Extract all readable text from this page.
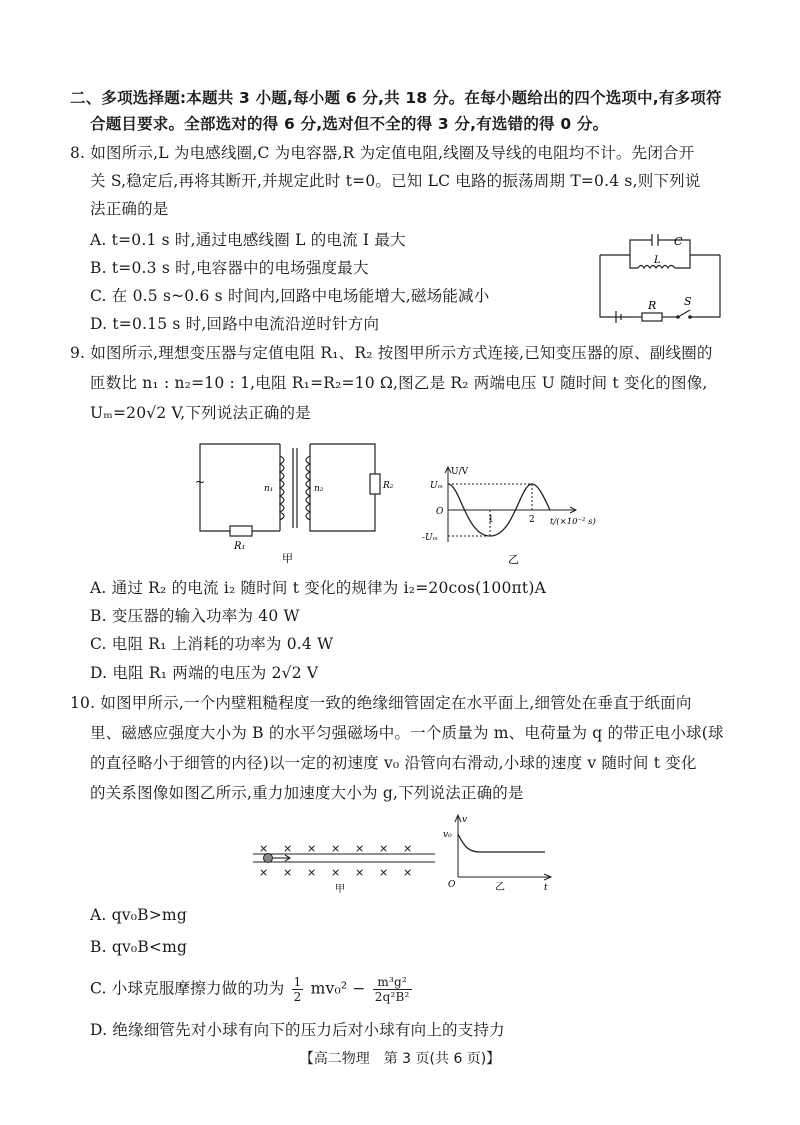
二、多项选择题:本题共 3 小题,每小题 6 分,共 18 分。在每小题给出的四个选项中,有多项符
合题目要求。全部选对的得 6 分,选对但不全的得 3 分,有选错的得 0 分。
8. 如图所示,L 为电感线圈,C 为电容器,R 为定值电阻,线圈及导线的电阻均不计。先闭合开
关 S,稳定后,再将其断开,并规定此时 t=0。已知 LC 电路的振荡周期 T=0.4 s,则下列说
法正确的是
A. t=0.1 s 时,通过电感线圈 L 的电流 I 最大
B. t=0.3 s 时,电容器中的电场强度最大
C. 在 0.5 s~0.6 s 时间内,回路中电场能增大,磁场能减小
D. t=0.15 s 时,回路中电流沿逆时针方向
C
L
R	S
9. 如图所示,理想变压器与定值电阻 R₁、R₂ 按图甲所示方式连接,已知变压器的原、副线圈的
匝数比 n₁ : n₂=10 : 1,电阻 R₁=R₂=10 Ω,图乙是 R₂ 两端电压 U 随时间 t 变化的图像,
Uₘ=20√2 V,下列说法正确的是
~	n₁	n₂
R₁
R₂
甲
U/V
Uₘ
O
-Uₘ
1	2 t/(×10⁻² s)
乙
A. 通过 R₂ 的电流 i₂ 随时间 t 变化的规律为 i₂=20cos(100πt)A
B. 变压器的输入功率为 40 W
C. 电阻 R₁ 上消耗的功率为 0.4 W
D. 电阻 R₁ 两端的电压为 2√2 V
10. 如图甲所示,一个内壁粗糙程度一致的绝缘细管固定在水平面上,细管处在垂直于纸面向
里、磁感应强度大小为 B 的水平匀强磁场中。一个质量为 m、电荷量为 q 的带正电小球(球
的直径略小于细管的内径)以一定的初速度 v₀ 沿管向右滑动,小球的速度 v 随时间 t 变化
的关系图像如图乙所示,重力加速度大小为 g,下列说法正确的是
× × × × × × ×
× × × × × × ×
甲
v
v₀
O	t
乙
A. qv₀B>mg
B. qv₀B<mg
C. 小球克服摩擦力做的功为 $\frac{1}{2} mv_0^2 - \frac{\text{m³g²}}{\text{2q²B²}}$
D. 绝缘细管先对小球有向下的压力后对小球有向上的支持力
【高二物理　第 3 页(共 6 页)】
